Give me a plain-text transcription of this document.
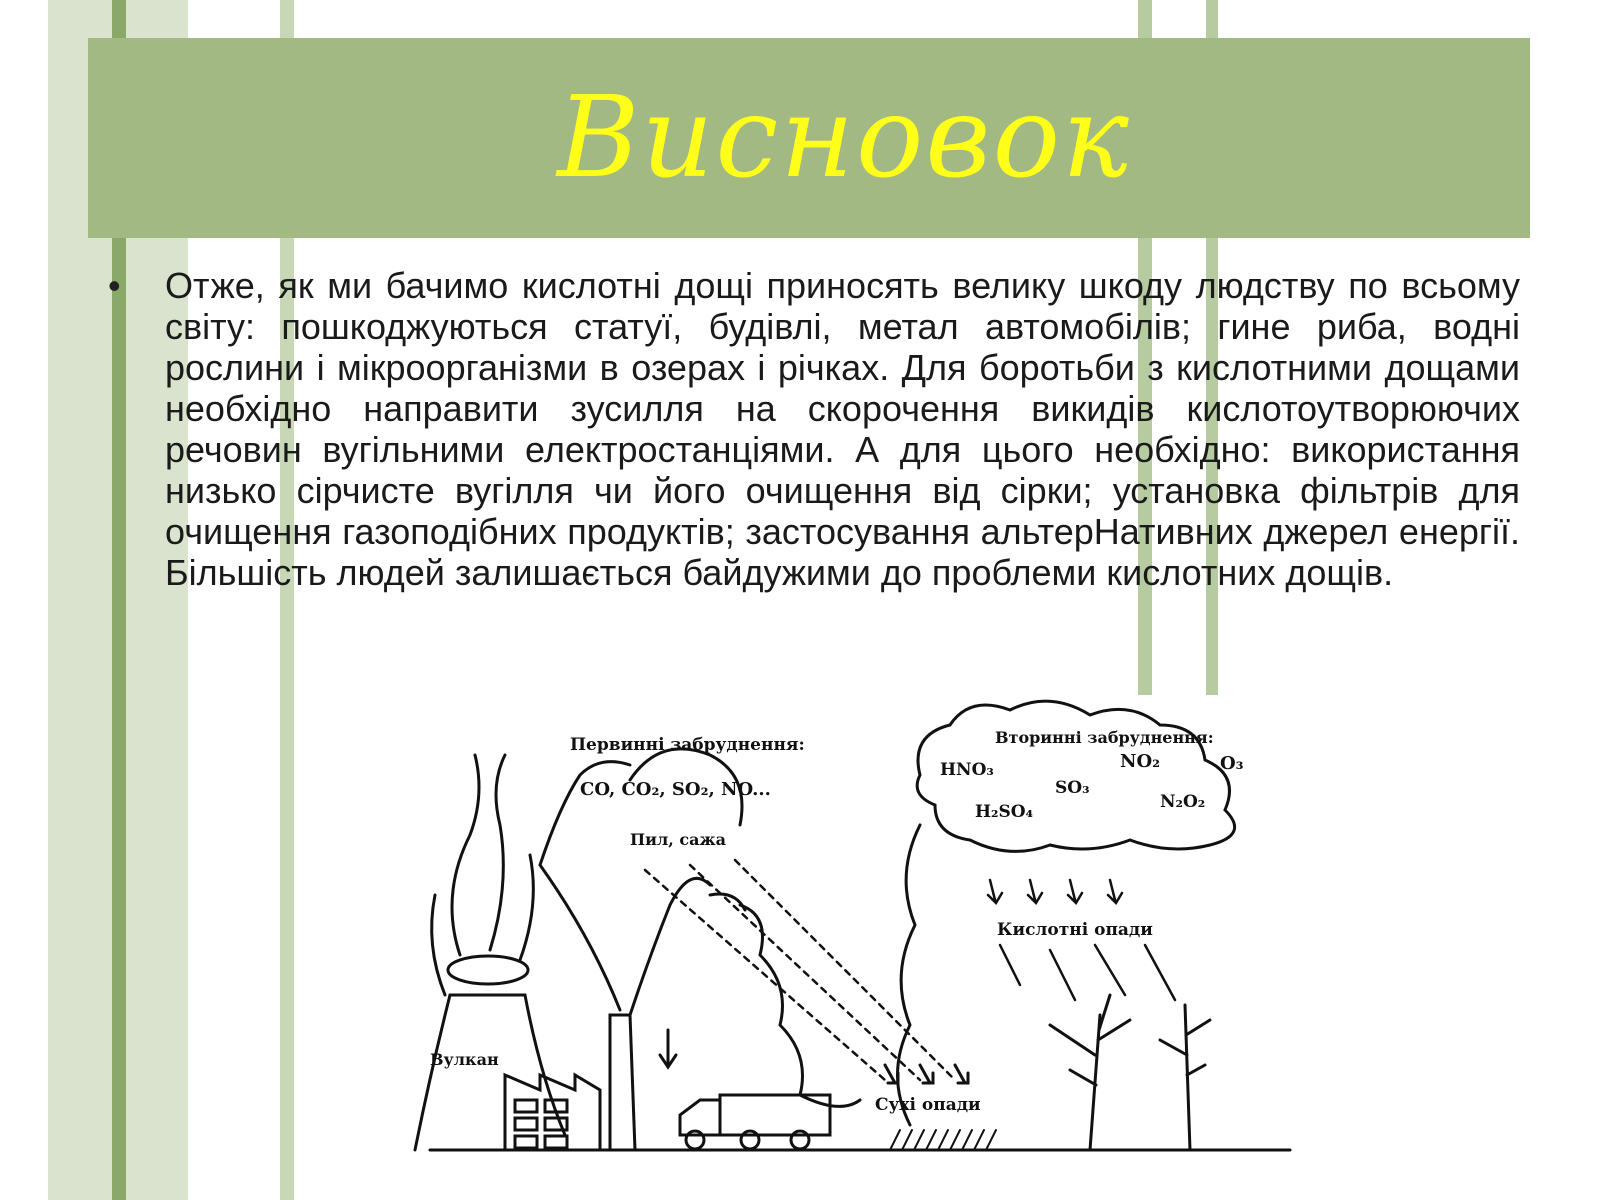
Висновок
• Отже, як ми бачимо кислотні дощі приносять велику шкоду людству по всьому світу: пошкоджуються статуї, будівлі, метал автомобілів; гине риба, водні рослини і мікроорганізми в озерах і річках. Для боротьби з кислотними дощами необхідно направити зусилля на скорочення викидів кислотоутворюючих речовин вугільними електростанціями. А для цього необхідно: використання низько сірчисте вугілля чи його очищення від сірки; установка фільтрів для очищення газоподібних продуктів; застосування альтерНативних джерел енергії. Більшість людей залишається байдужими до проблеми кислотних дощів.
Первинні забруднення:
CO, CO₂, SO₂, NO...
Пил, сажа
Вторинні забруднення:
HNO₃
H₂SO₄
SO₃
NO₂	O₃
N₂O₂
Кислотні опади
Вулкан
Сухі опади
